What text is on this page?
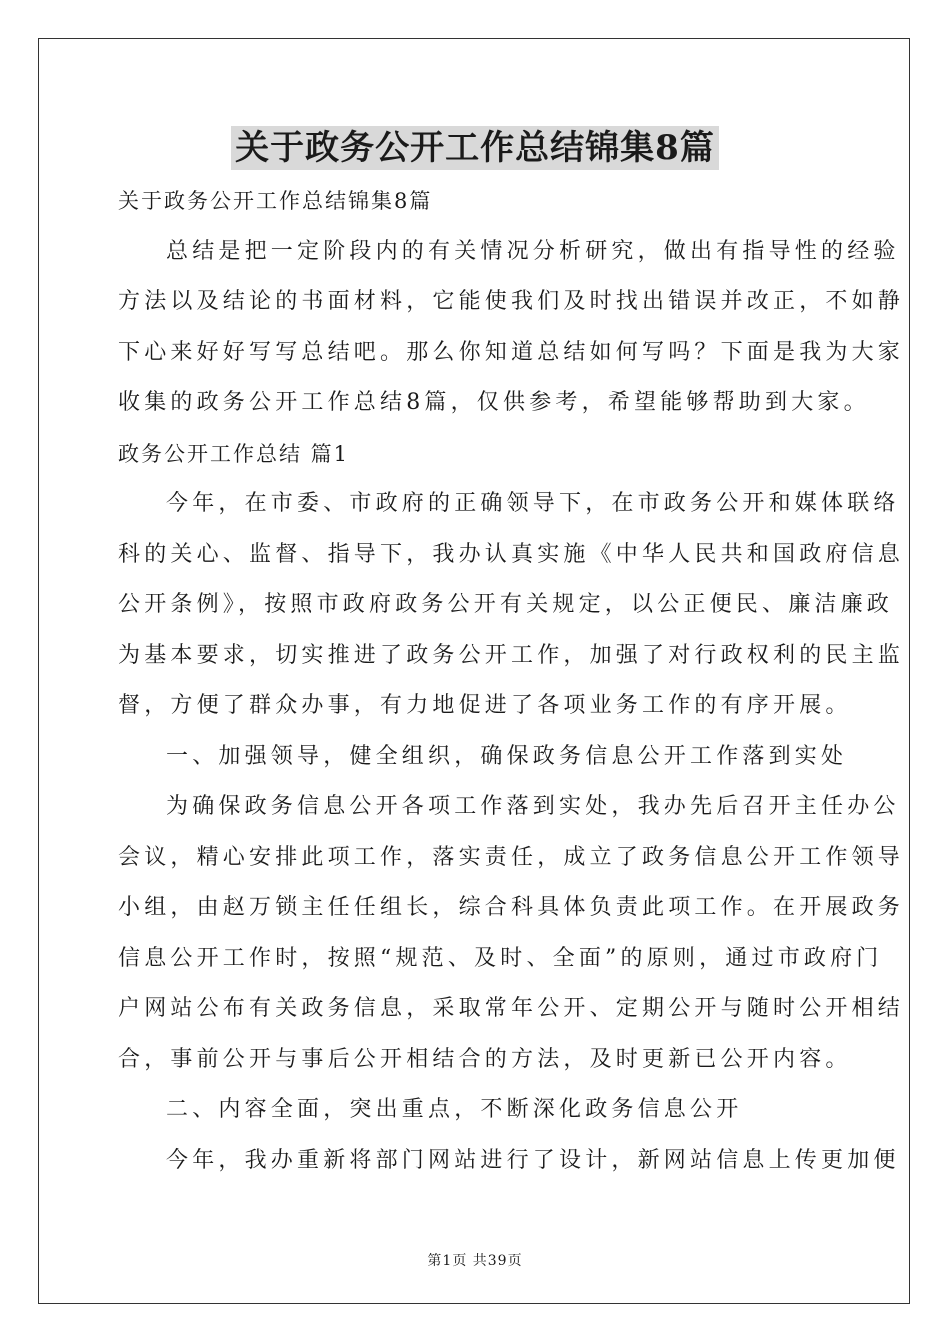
关于政务公开工作总结锦集8篇
关于政务公开工作总结锦集8篇
总结是把一定阶段内的有关情况分析研究，做出有指导性的经验
方法以及结论的书面材料，它能使我们及时找出错误并改正，不如静
下心来好好写写总结吧。那么你知道总结如何写吗？下面是我为大家
收集的政务公开工作总结8篇，仅供参考，希望能够帮助到大家。
政务公开工作总结 篇1
今年，在市委、市政府的正确领导下，在市政务公开和媒体联络
科的关心、监督、指导下，我办认真实施《中华人民共和国政府信息
公开条例》，按照市政府政务公开有关规定，以公正便民、廉洁廉政
为基本要求，切实推进了政务公开工作，加强了对行政权利的民主监
督，方便了群众办事，有力地促进了各项业务工作的有序开展。
一、加强领导，健全组织，确保政务信息公开工作落到实处
为确保政务信息公开各项工作落到实处，我办先后召开主任办公
会议，精心安排此项工作，落实责任，成立了政务信息公开工作领导
小组，由赵万锁主任任组长，综合科具体负责此项工作。在开展政务
信息公开工作时，按照“规范、及时、全面”的原则，通过市政府门
户网站公布有关政务信息，采取常年公开、定期公开与随时公开相结
合，事前公开与事后公开相结合的方法，及时更新已公开内容。
二、内容全面，突出重点，不断深化政务信息公开
今年，我办重新将部门网站进行了设计，新网站信息上传更加便
第1页 共39页
